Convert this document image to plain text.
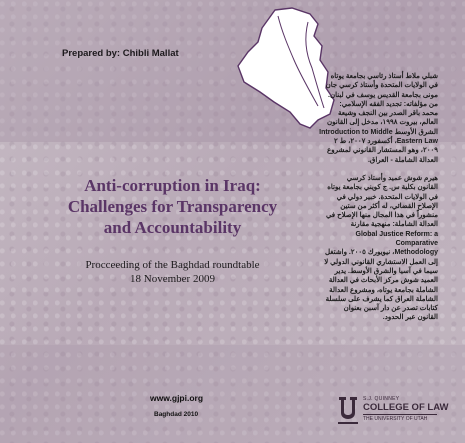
Prepared by: Chibli Mallat
Anti-corruption in Iraq:
Challenges for Transparency
and Accountability
Procceeding of the Baghdad roundtable
18 November 2009
شبلي ملاط أستاذ رئاسي بجامعة يوتاه
في الولايات المتحدة وأستاذ كرسي جان
مونى بجامعة القديس يوسف في لبنان.
من مؤلفاته: تجديد الفقه الإسلامي:
محمد باقر الصدر بين النجف وشيعة
العالم، بيروت ١٩٩٨، مدخل إلى القانون
الشرق الأوسط Introduction to Middle
Eastern Law، أكسفورد ٢٠٠٧، ط ٢
٢٠٠٩، وهو المستشار القانوني لمشروع
العدالة الشاملة - العراق.
هيرم شوش عميد وأستاذ كرسي
القانون بكلية س. ج كويني بجامعة يوتاه
في الولايات المتحدة. خبير دولي في
الإصلاح القضائي، له أكثر من ستين
منشوراً في هذا المجال منها الإصلاح في
العدالة الشاملة: منهجية مقارنة
Global Justice Reform: a Comparative
Methodology، نيويورك ٢٠٠٥. واشتغل
إلى العمل الاستشاري القانوني الدولي لا
سيما في آسيا والشرق الأوسط. يدير
العميد شوش مركز الأبحاث في العدالة
الشاملة بجامعة يوتاه، ومشروع العدالة
الشاملة العراق كما يشرف على سلسلة
كتابات تصدر عن دار آسبن بعنوان
القانون عبر الحدود.
www.gjpi.org
Baghdad 2010
S.J. QUINNEY
COLLEGE OF LAW
THE UNIVERSITY OF UTAH
